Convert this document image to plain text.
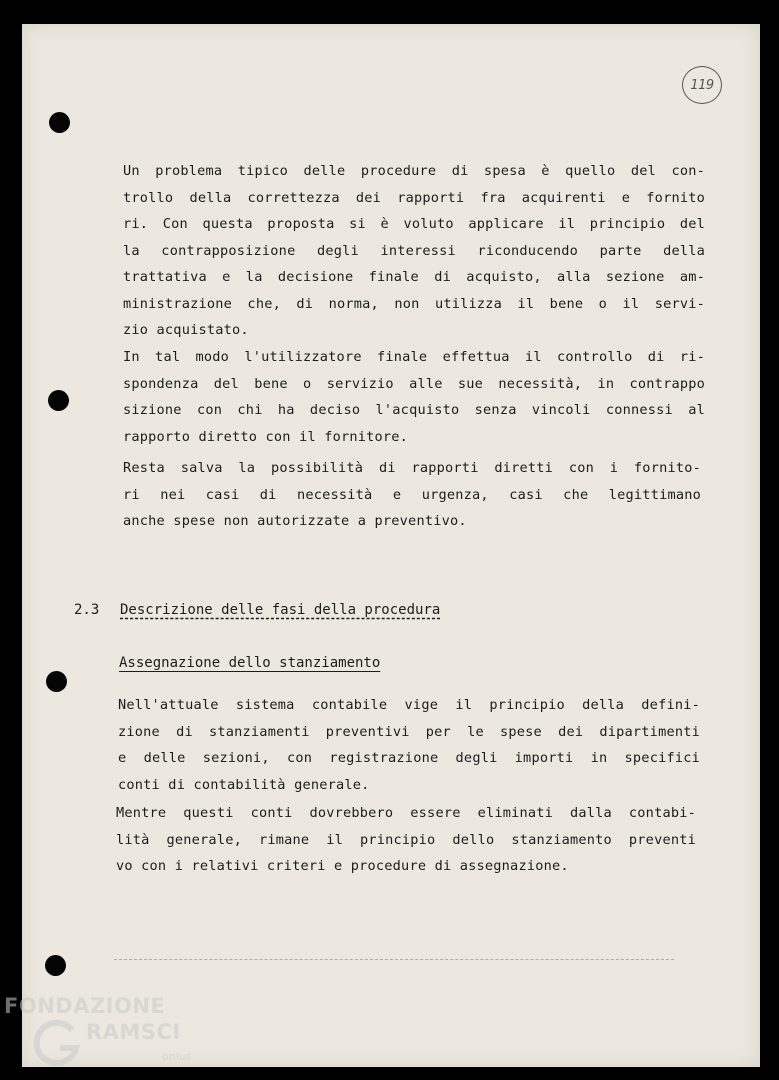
119
Un problema tipico delle procedure di spesa è quello del con-
trollo della correttezza dei rapporti fra acquirenti e fornito
ri. Con questa proposta si è voluto applicare il principio del
la contrapposizione degli interessi riconducendo parte della
trattativa e la decisione finale di acquisto, alla sezione am-
ministrazione che, di norma, non utilizza il bene o il servi-
zio acquistato.
In tal modo l'utilizzatore finale effettua il controllo di ri-
spondenza del bene o servizio alle sue necessità, in contrappo
sizione con chi ha deciso l'acquisto senza vincoli connessi al
rapporto diretto con il fornitore.
Resta salva la possibilità di rapporti diretti con i fornito-
ri nei casi di necessità e urgenza, casi che legittimano
anche spese non autorizzate a preventivo.
2.3 Descrizione delle fasi della procedura
Assegnazione dello stanziamento
Nell'attuale sistema contabile vige il principio della defini-
zione di stanziamenti preventivi per le spese dei dipartimenti
e delle sezioni, con registrazione degli importi in specifici
conti di contabilità generale.
Mentre questi conti dovrebbero essere eliminati dalla contabi-
lità generale, rimane il principio dello stanziamento preventi
vo con i relativi criteri e procedure di assegnazione.
FONDAZIONE
RAMSCI
onlus
